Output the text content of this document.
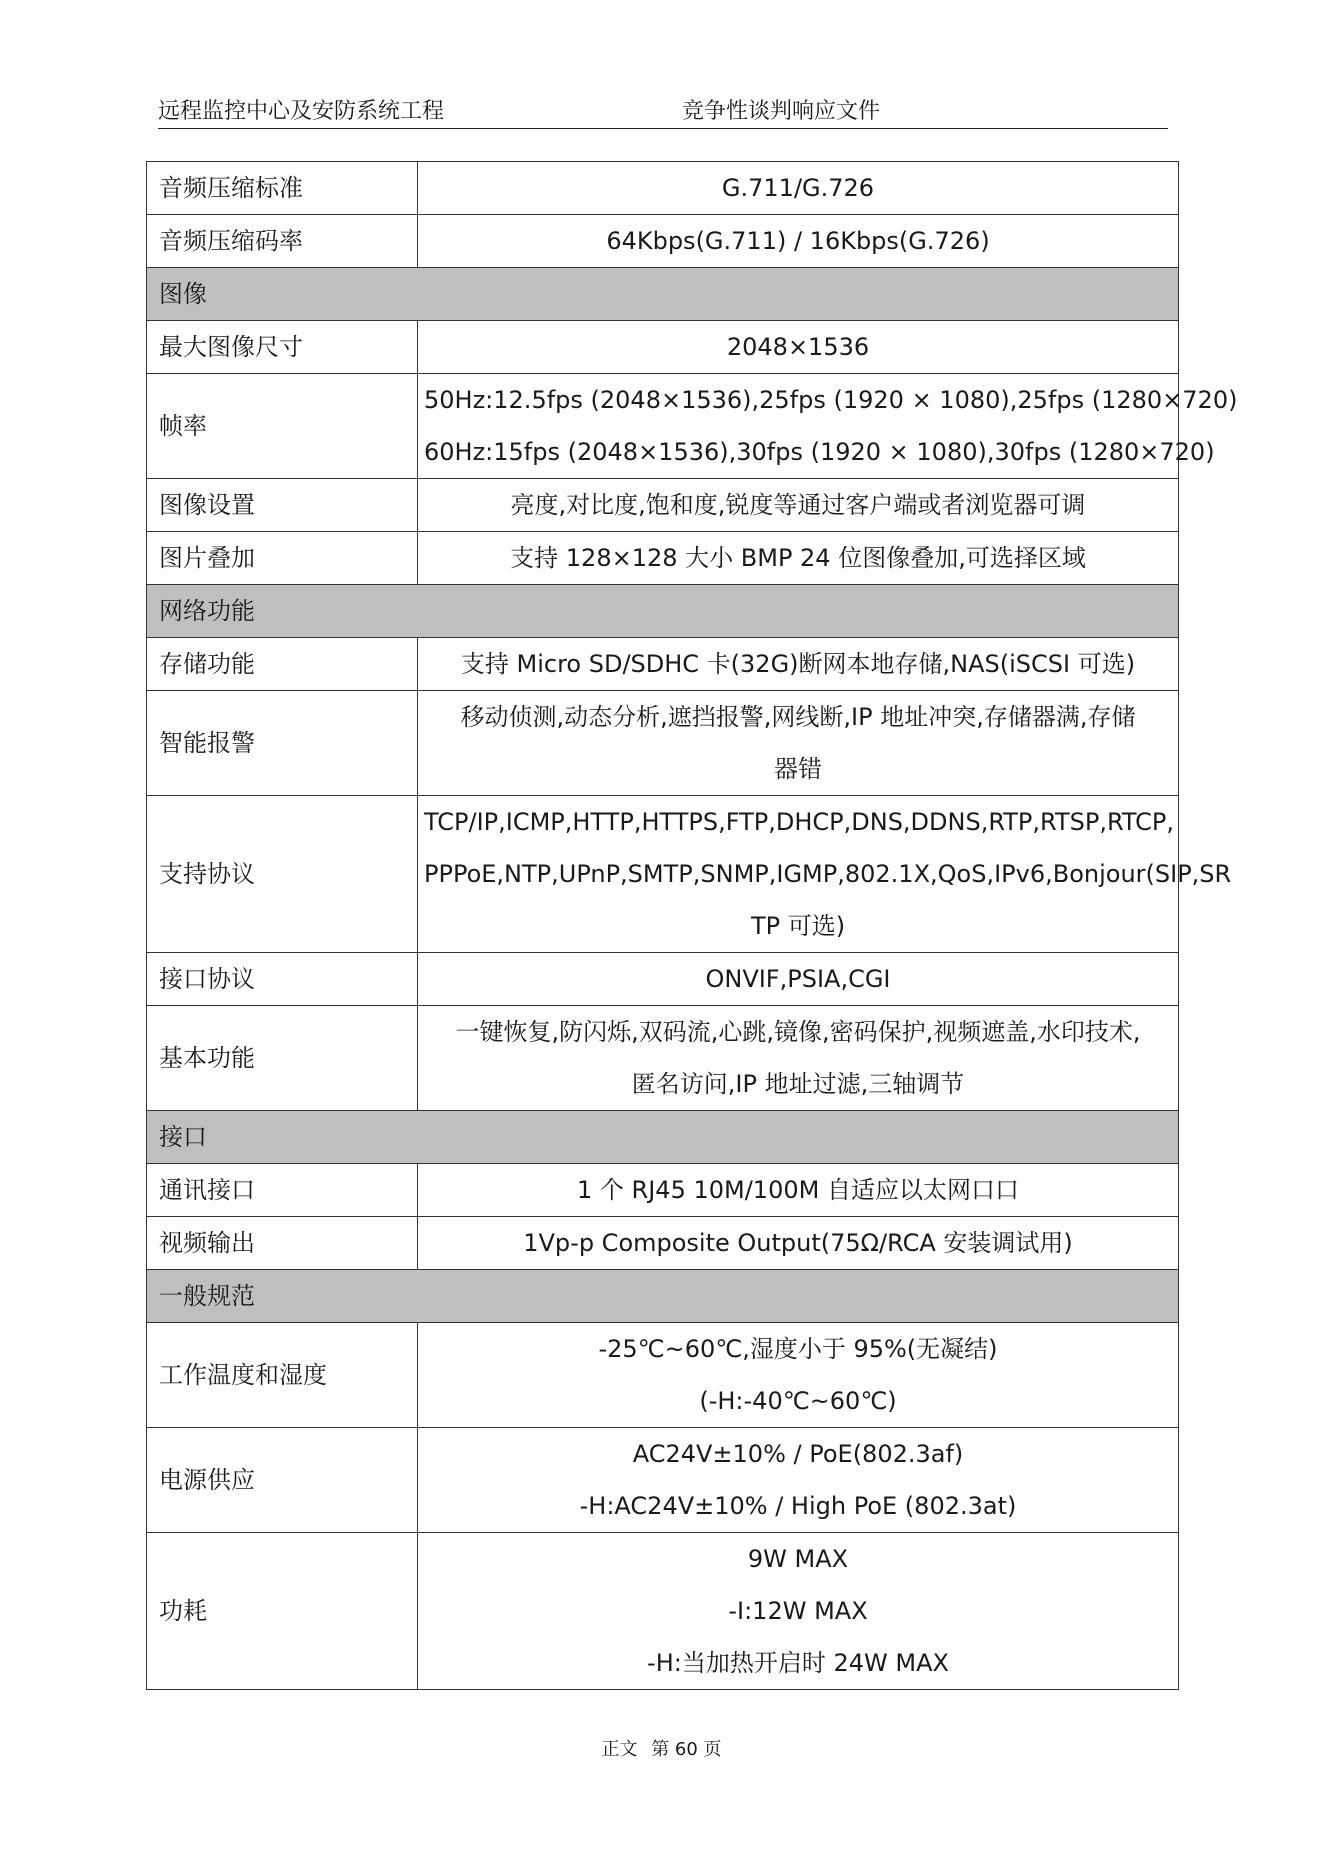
远程监控中心及安防系统工程	竞争性谈判响应文件
音频压缩标准	G.711/G.726

音频压缩码率	64Kbps(G.711) / 16Kbps(G.726)

图像	
最大图像尺寸	2048×1536

帧率	50Hz:12.5fps (2048×1536),25fps (1920 × 1080),25fps (1280×720)
60Hz:15fps (2048×1536),30fps (1920 × 1080),30fps (1280×720)

图像设置	亮度,对比度,饱和度,锐度等通过客户端或者浏览器可调

图片叠加	支持 128×128 大小 BMP 24 位图像叠加,可选择区域

网络功能	
存储功能	支持 Micro SD/SDHC 卡(32G)断网本地存储,NAS(iSCSI 可选)

智能报警	移动侦测,动态分析,遮挡报警,网线断,IP 地址冲突,存储器满,存储
器错

支持协议	TCP/IP,ICMP,HTTP,HTTPS,FTP,DHCP,DNS,DDNS,RTP,RTSP,RTCP,
PPPoE,NTP,UPnP,SMTP,SNMP,IGMP,802.1X,QoS,IPv6,Bonjour(SIP,SR
TP 可选)

接口协议	ONVIF,PSIA,CGI

基本功能	一键恢复,防闪烁,双码流,心跳,镜像,密码保护,视频遮盖,水印技术,
匿名访问,IP 地址过滤,三轴调节

接口	
通讯接口	1 个 RJ45 10M/100M 自适应以太网口口

视频输出	1Vp-p Composite Output(75Ω/RCA 安装调试用)

一般规范	
工作温度和湿度	-25℃~60℃,湿度小于 95%(无凝结)
(-H:-40℃~60℃)

电源供应	AC24V±10% / PoE(802.3af)
-H:AC24V±10% / High PoE (802.3at)

功耗	9W MAX
-I:12W MAX
-H:当加热开启时 24W MAX
正文 第 60 页
